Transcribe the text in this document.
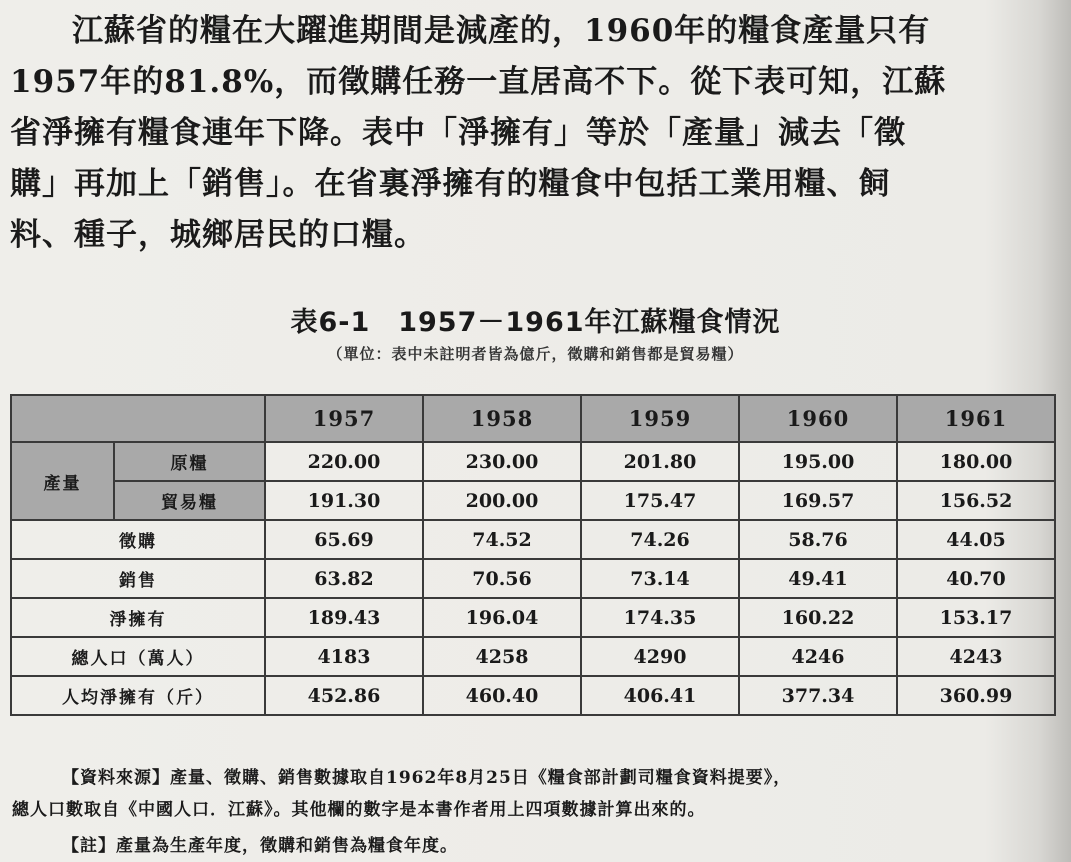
江蘇省的糧在大躍進期間是減產的，1960年的糧食產量只有
1957年的81.8%，而徵購任務一直居高不下。從下表可知，江蘇
省淨擁有糧食連年下降。表中「淨擁有」等於「產量」減去「徵
購」再加上「銷售」。在省裏淨擁有的糧食中包括工業用糧、飼
料、種子，城鄉居民的口糧。
表6-1　1957－1961年江蘇糧食情況
（單位：表中未註明者皆為億斤，徵購和銷售都是貿易糧）
		1957	1958	1959	1960	1961
產量	原糧	220.00	230.00	201.80	195.00	180.00
	貿易糧	191.30	200.00	175.47	169.57	156.52
徵購		65.69	74.52	74.26	58.76	44.05
銷售		63.82	70.56	73.14	49.41	40.70
淨擁有		189.43	196.04	174.35	160.22	153.17
總人口（萬人）		4183	4258	4290	4246	4243
人均淨擁有（斤）		452.86	460.40	406.41	377.34	360.99
【資料來源】產量、徵購、銷售數據取自1962年8月25日《糧食部計劃司糧食資料提要》，
總人口數取自《中國人口．江蘇》。其他欄的數字是本書作者用上四項數據計算出來的。
【註】產量為生產年度，徵購和銷售為糧食年度。
